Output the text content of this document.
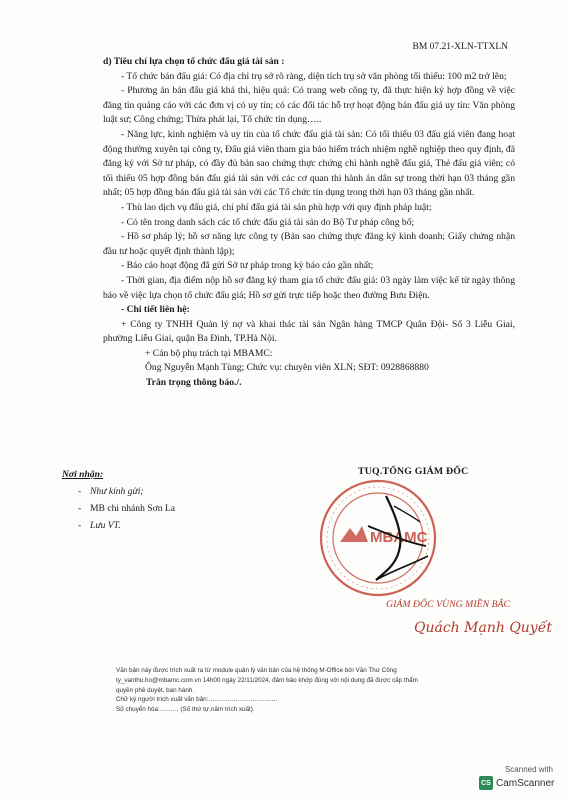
BM 07.21-XLN-TTXLN

d) Tiêu chí lựa chọn tổ chức đấu giá tài sản :

- Tổ chức bán đấu giá: Có địa chỉ trụ sở rõ ràng, diện tích trụ sở văn phòng tối thiểu: 100 m2 trở lên;

- Phương án bán đấu giá khả thi, hiệu quả: Có trang web công ty, đã thực hiện ký hợp đồng về việc đăng tin quảng cáo với các đơn vị có uy tín; có các đối tác hỗ trợ hoạt động bán đấu giá uy tín: Văn phòng luật sư; Công chứng; Thừa phát lại, Tổ chức tín dụng…..

- Năng lực, kinh nghiệm và uy tín của tổ chức đấu giá tài sản: Có tối thiểu 03 đấu giá viên đang hoạt động thường xuyên tại công ty, Đấu giá viên tham gia bảo hiểm trách nhiệm nghề nghiệp theo quy định, đã đăng ký với Sở tư pháp, có đầy đủ bản sao chứng thực chứng chỉ hành nghề đấu giá, Thẻ đấu giá viên; có tối thiểu 05 hợp đồng bán đấu giá tài sản với các cơ quan thi hành án dân sự trong thời hạn 03 tháng gần nhất; 05 hợp đồng bán đấu giá tài sản với các Tổ chức tín dụng trong thời hạn 03 tháng gần nhất.

- Thù lao dịch vụ đấu giá, chi phí đấu giá tài sản phù hợp với quy định pháp luật;

- Có tên trong danh sách các tổ chức đấu giá tài sản do Bộ Tư pháp công bố;

- Hồ sơ pháp lý; hồ sơ năng lực công ty (Bản sao chứng thực đăng ký kinh doanh; Giấy chứng nhận đầu tư hoặc quyết định thành lập);

- Báo cáo hoạt động đã gửi Sở tư pháp trong kỳ báo cáo gần nhất;

- Thời gian, địa điểm nộp hồ sơ đăng ký tham gia tổ chức đấu giá: 03 ngày làm việc kể từ ngày thông báo về việc lựa chọn tổ chức đấu giá; Hồ sơ gửi trực tiếp hoặc theo đường Bưu Điện.

- Chi tiết liên hệ:

+ Công ty TNHH Quản lý nợ và khai thác tài sản Ngân hàng TMCP Quân Đội- Số 3 Liễu Giai, phường Liễu Giai, quận Ba Đình, TP.Hà Nội.

+ Cán bộ phụ trách tại MBAMC:

Ông Nguyễn Mạnh Tùng; Chức vụ: chuyên viên XLN; SĐT: 0928868880

Trân trọng thông báo./.

Nơi nhận:
- Như kính gửi;
- MB chi nhánh Sơn La
- Lưu VT.
MBAMC
TUQ.TỔNG GIÁM ĐỐC
GIÁM ĐỐC VÙNG MIỀN BẮC
Quách Mạnh Quyết

Văn bản này được trích xuất ra từ module quản lý văn bản của hệ thống M-Office bởi Văn Thư Công

ty_vanthu.ho@mbamc.com.vn 14h00 ngày 22/11/2024, đảm bảo khớp đúng với nội dung đã được cấp thẩm

quyền phê duyệt, ban hành.

Chữ ký người trích xuất văn bản:……………………………

Số chuyển hóa:……… (Số thứ tự,năm trích xuất).

Scanned with
CS CamScanner
